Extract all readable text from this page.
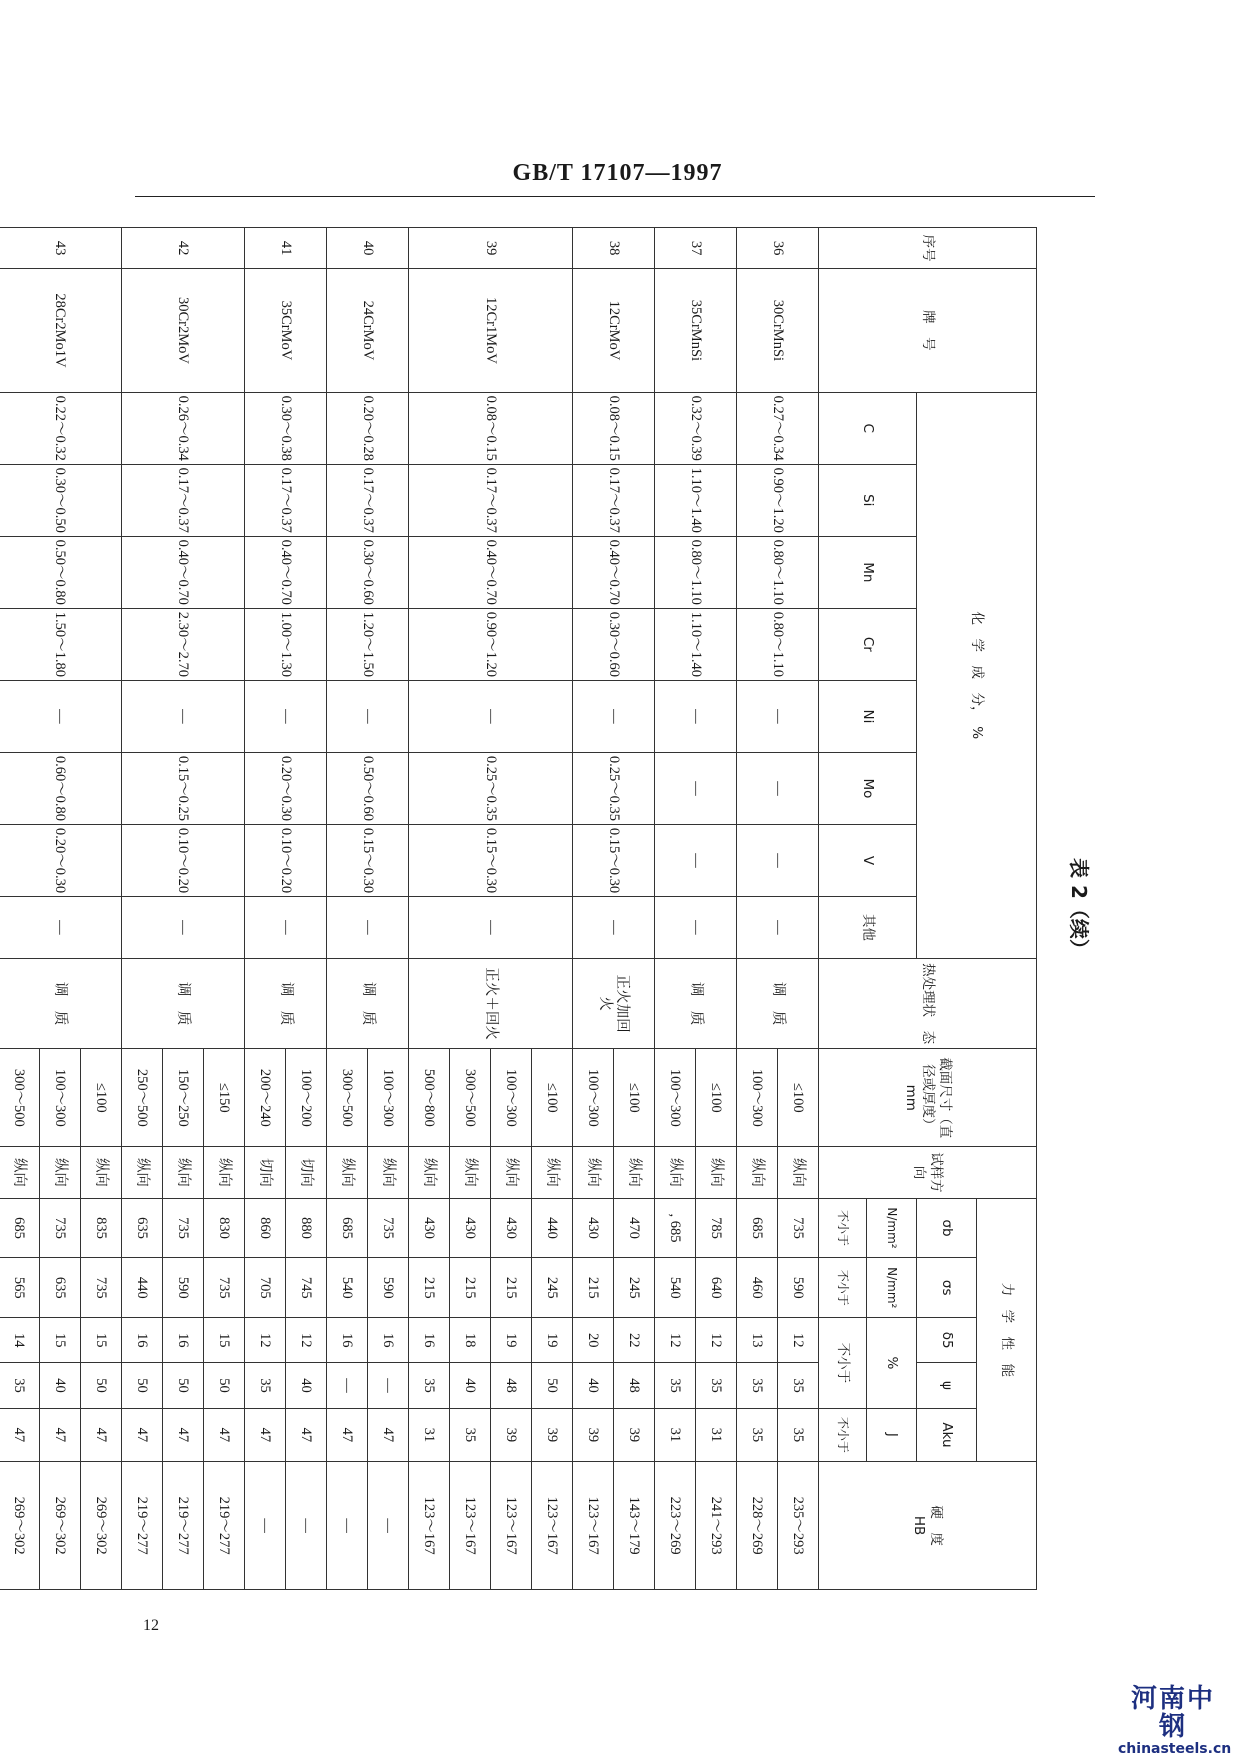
GB/T 17107—1997
表 2（续）
序号	牌　号	化　学　成　分，　%								热处理状　态	截面尺寸（直径或厚度）mm	试样方向	力　学　性　能					硬　度
HB

													σb	σs	δ5	ψ	Aku	
		C	Si	Mn	Cr	Ni	Mo	V	其他				N/mm²	N/mm²	%		J	
													不小于	不小于	不小于		不小于	
36	30CrMnSi	0.27～0.34	0.90～1.20	0.80～1.10	0.80～1.10	—	—	—	—	调　质	≤100	纵向	735	590	12	35	35	235～293
											100～300	纵向	685	460	13	35	35	228～269
37	35CrMnSi	0.32～0.39	1.10～1.40	0.80～1.10	1.10～1.40	—	—	—	—	调　质	≤100	纵向	785	640	12	35	31	241～293
											100～300	纵向	, 685	540	12	35	31	223～269
38	12CrMoV	0.08～0.15	0.17～0.37	0.40～0.70	0.30～0.60	—	0.25～0.35	0.15～0.30	—	正火加回　火	≤100	纵向	470	245	22	48	39	143～179
											100～300	纵向	430	215	20	40	39	123～167
39	12Cr1MoV	0.08～0.15	0.17～0.37	0.40～0.70	0.90～1.20	—	0.25～0.35	0.15～0.30	—	正火＋回火	≤100	纵向	440	245	19	50	39	123～167
											100～300	纵向	430	215	19	48	39	123～167
											300～500	纵向	430	215	18	40	35	123～167
											500～800	纵向	430	215	16	35	31	123～167
40	24CrMoV	0.20～0.28	0.17～0.37	0.30～0.60	1.20～1.50	—	0.50～0.60	0.15～0.30	—	调　质	100～300	纵向	735	590	16	—	47	—
											300～500	纵向	685	540	16	—	47	—
41	35CrMoV	0.30～0.38	0.17～0.37	0.40～0.70	1.00～1.30	—	0.20～0.30	0.10～0.20	—	调　质	100～200	切向	880	745	12	40	47	—
											200～240	切向	860	705	12	35	47	—
42	30Cr2MoV	0.26～0.34	0.17～0.37	0.40～0.70	2.30～2.70	—	0.15～0.25	0.10～0.20	—	调　质	≤150	纵向	830	735	15	50	47	219～277
											150～250	纵向	735	590	16	50	47	219～277
											250～500	纵向	635	440	16	50	47	219～277
43	28Cr2Mo1V	0.22～0.32	0.30～0.50	0.50～0.80	1.50～1.80	—	0.60～0.80	0.20～0.30	—	调　质	≤100	纵向	835	735	15	50	47	269～302
											100～300	纵向	735	635	15	40	47	269～302
											300～500	纵向	685	565	14	35	47	269～302
12
河南中钢
chinasteels.cn
